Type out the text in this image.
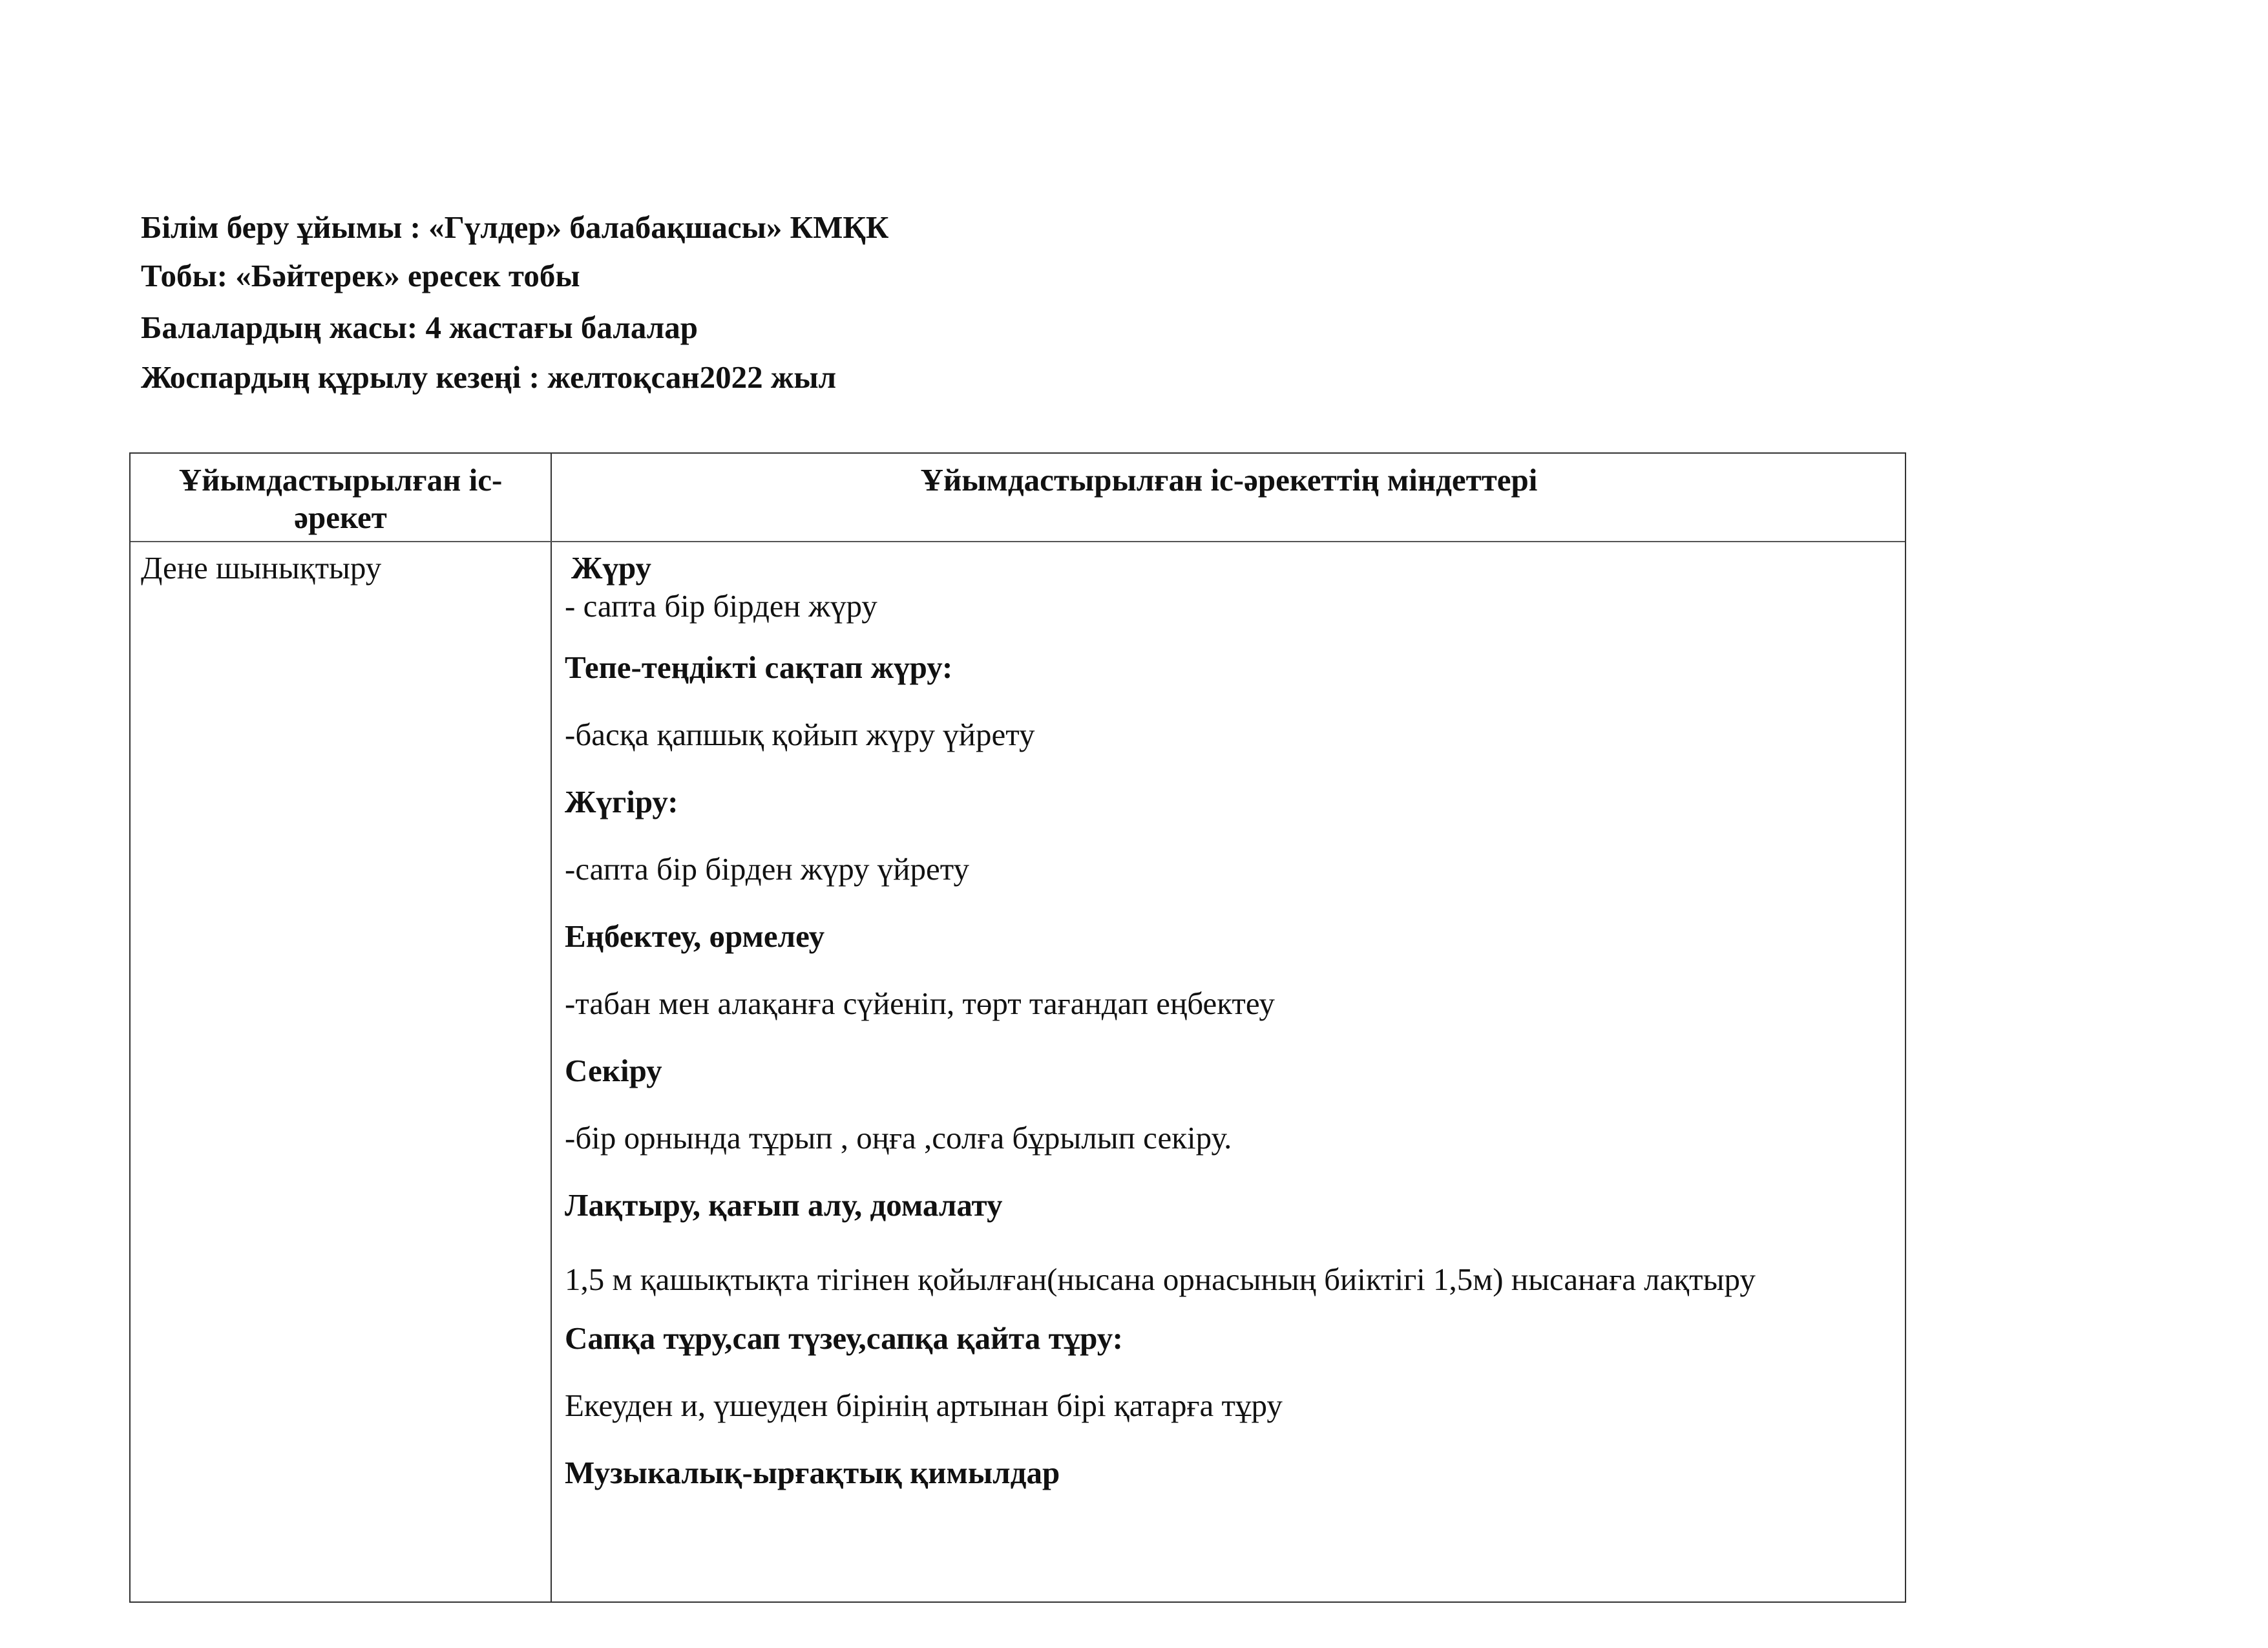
Білім беру ұйымы : «Гүлдер» балабақшасы» КМҚК

Тобы: «Бәйтерек» ересек тобы

Балалардың жасы: 4 жастағы балалар

Жоспардың құрылу кезеңі : желтоқсан2022 жыл

Ұйымдастырылған іс-әрекет
Ұйымдастырылған іс-әрекеттің міндеттері
Дене шынықтыру	Жүру

- сапта бір бірден жүру

Тепе-теңдікті сақтап жүру:

-басқа қапшық қойып жүру үйрету

Жүгіру:

-сапта бір бірден жүру үйрету

Еңбектеу, өрмелеу

-табан мен алақанға сүйеніп, төрт тағандап еңбектеу

Секіру

-бір орнында тұрып , оңға ,солға бұрылып секіру.

Лақтыру, қағып алу, домалату

1,5 м қашықтықта тігінен қойылған(нысана орнасының биіктігі 1,5м) нысанаға лақтыру

Сапқа тұру,сап түзеу,сапқа қайта тұру:

Екеуден и, үшеуден бірінің артынан бірі қатарға тұру

Музыкалық-ырғақтық қимылдар
